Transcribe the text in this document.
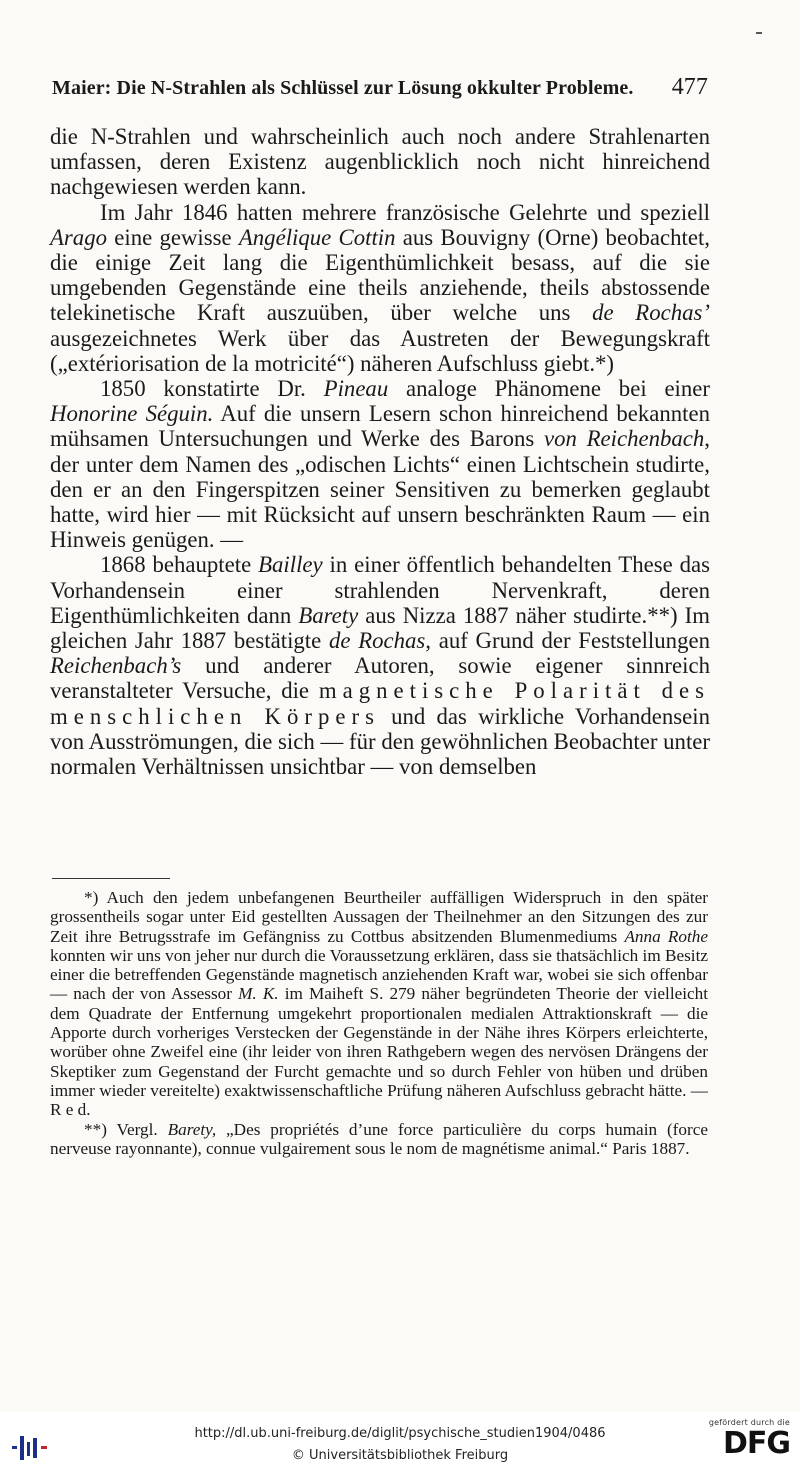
Maier: Die N-Strahlen als Schlüssel zur Lösung okkulter Probleme. 477

die N-Strahlen und wahrscheinlich auch noch andere Strahlenarten umfassen, deren Existenz augenblicklich noch nicht hinreichend nachgewiesen werden kann.

Im Jahr 1846 hatten mehrere französische Gelehrte und speziell Arago eine gewisse Angélique Cottin aus Bouvigny (Orne) beobachtet, die einige Zeit lang die Eigenthümlichkeit besass, auf die sie umgebenden Gegenstände eine theils anziehende, theils abstossende telekinetische Kraft auszuüben, über welche uns de Rochas’ ausgezeichnetes Werk über das Austreten der Bewegungskraft („extériorisation de la motricité“) näheren Aufschluss giebt.*)

1850 konstatirte Dr. Pineau analoge Phänomene bei einer Honorine Séguin. Auf die unsern Lesern schon hinreichend bekannten mühsamen Untersuchungen und Werke des Barons von Reichenbach, der unter dem Namen des „odischen Lichts“ einen Lichtschein studirte, den er an den Fingerspitzen seiner Sensitiven zu bemerken geglaubt hatte, wird hier — mit Rücksicht auf unsern beschränkten Raum — ein Hinweis genügen. —

1868 behauptete Bailley in einer öffentlich behandelten These das Vorhandensein einer strahlenden Nervenkraft, deren Eigenthümlichkeiten dann Barety aus Nizza 1887 näher studirte.**) Im gleichen Jahr 1887 bestätigte de Rochas, auf Grund der Feststellungen Reichenbach’s und anderer Autoren, sowie eigener sinnreich veranstalteter Versuche, die magnetische Polarität des menschlichen Körpers und das wirkliche Vorhandensein von Ausströmungen, die sich — für den gewöhnlichen Beobachter unter normalen Verhältnissen unsichtbar — von demselben

*) Auch den jedem unbefangenen Beurtheiler auffälligen Widerspruch in den später grossentheils sogar unter Eid gestellten Aussagen der Theilnehmer an den Sitzungen des zur Zeit ihre Betrugsstrafe im Gefängniss zu Cottbus absitzenden Blumenmediums Anna Rothe konnten wir uns von jeher nur durch die Voraussetzung erklären, dass sie thatsächlich im Besitz einer die betreffenden Gegenstände magnetisch anziehenden Kraft war, wobei sie sich offenbar — nach der von Assessor M. K. im Maiheft S. 279 näher begründeten Theorie der vielleicht dem Quadrate der Entfernung umgekehrt proportionalen medialen Attraktionskraft — die Apporte durch vorheriges Verstecken der Gegenstände in der Nähe ihres Körpers erleichterte, worüber ohne Zweifel eine (ihr leider von ihren Rathgebern wegen des nervösen Drängens der Skeptiker zum Gegenstand der Furcht gemachte und so durch Fehler von hüben und drüben immer wieder vereitelte) exaktwissenschaftliche Prüfung näheren Aufschluss gebracht hätte. — R e d.

**) Vergl. Barety, „Des propriétés d’une force particulière du corps humain (force nerveuse rayonnante), connue vulgairement sous le nom de magnétisme animal.“ Paris 1887.

http://dl.ub.uni-freiburg.de/diglit/psychische_studien1904/0486
© Universitätsbibliothek Freiburg
gefördert durch die
DFG
